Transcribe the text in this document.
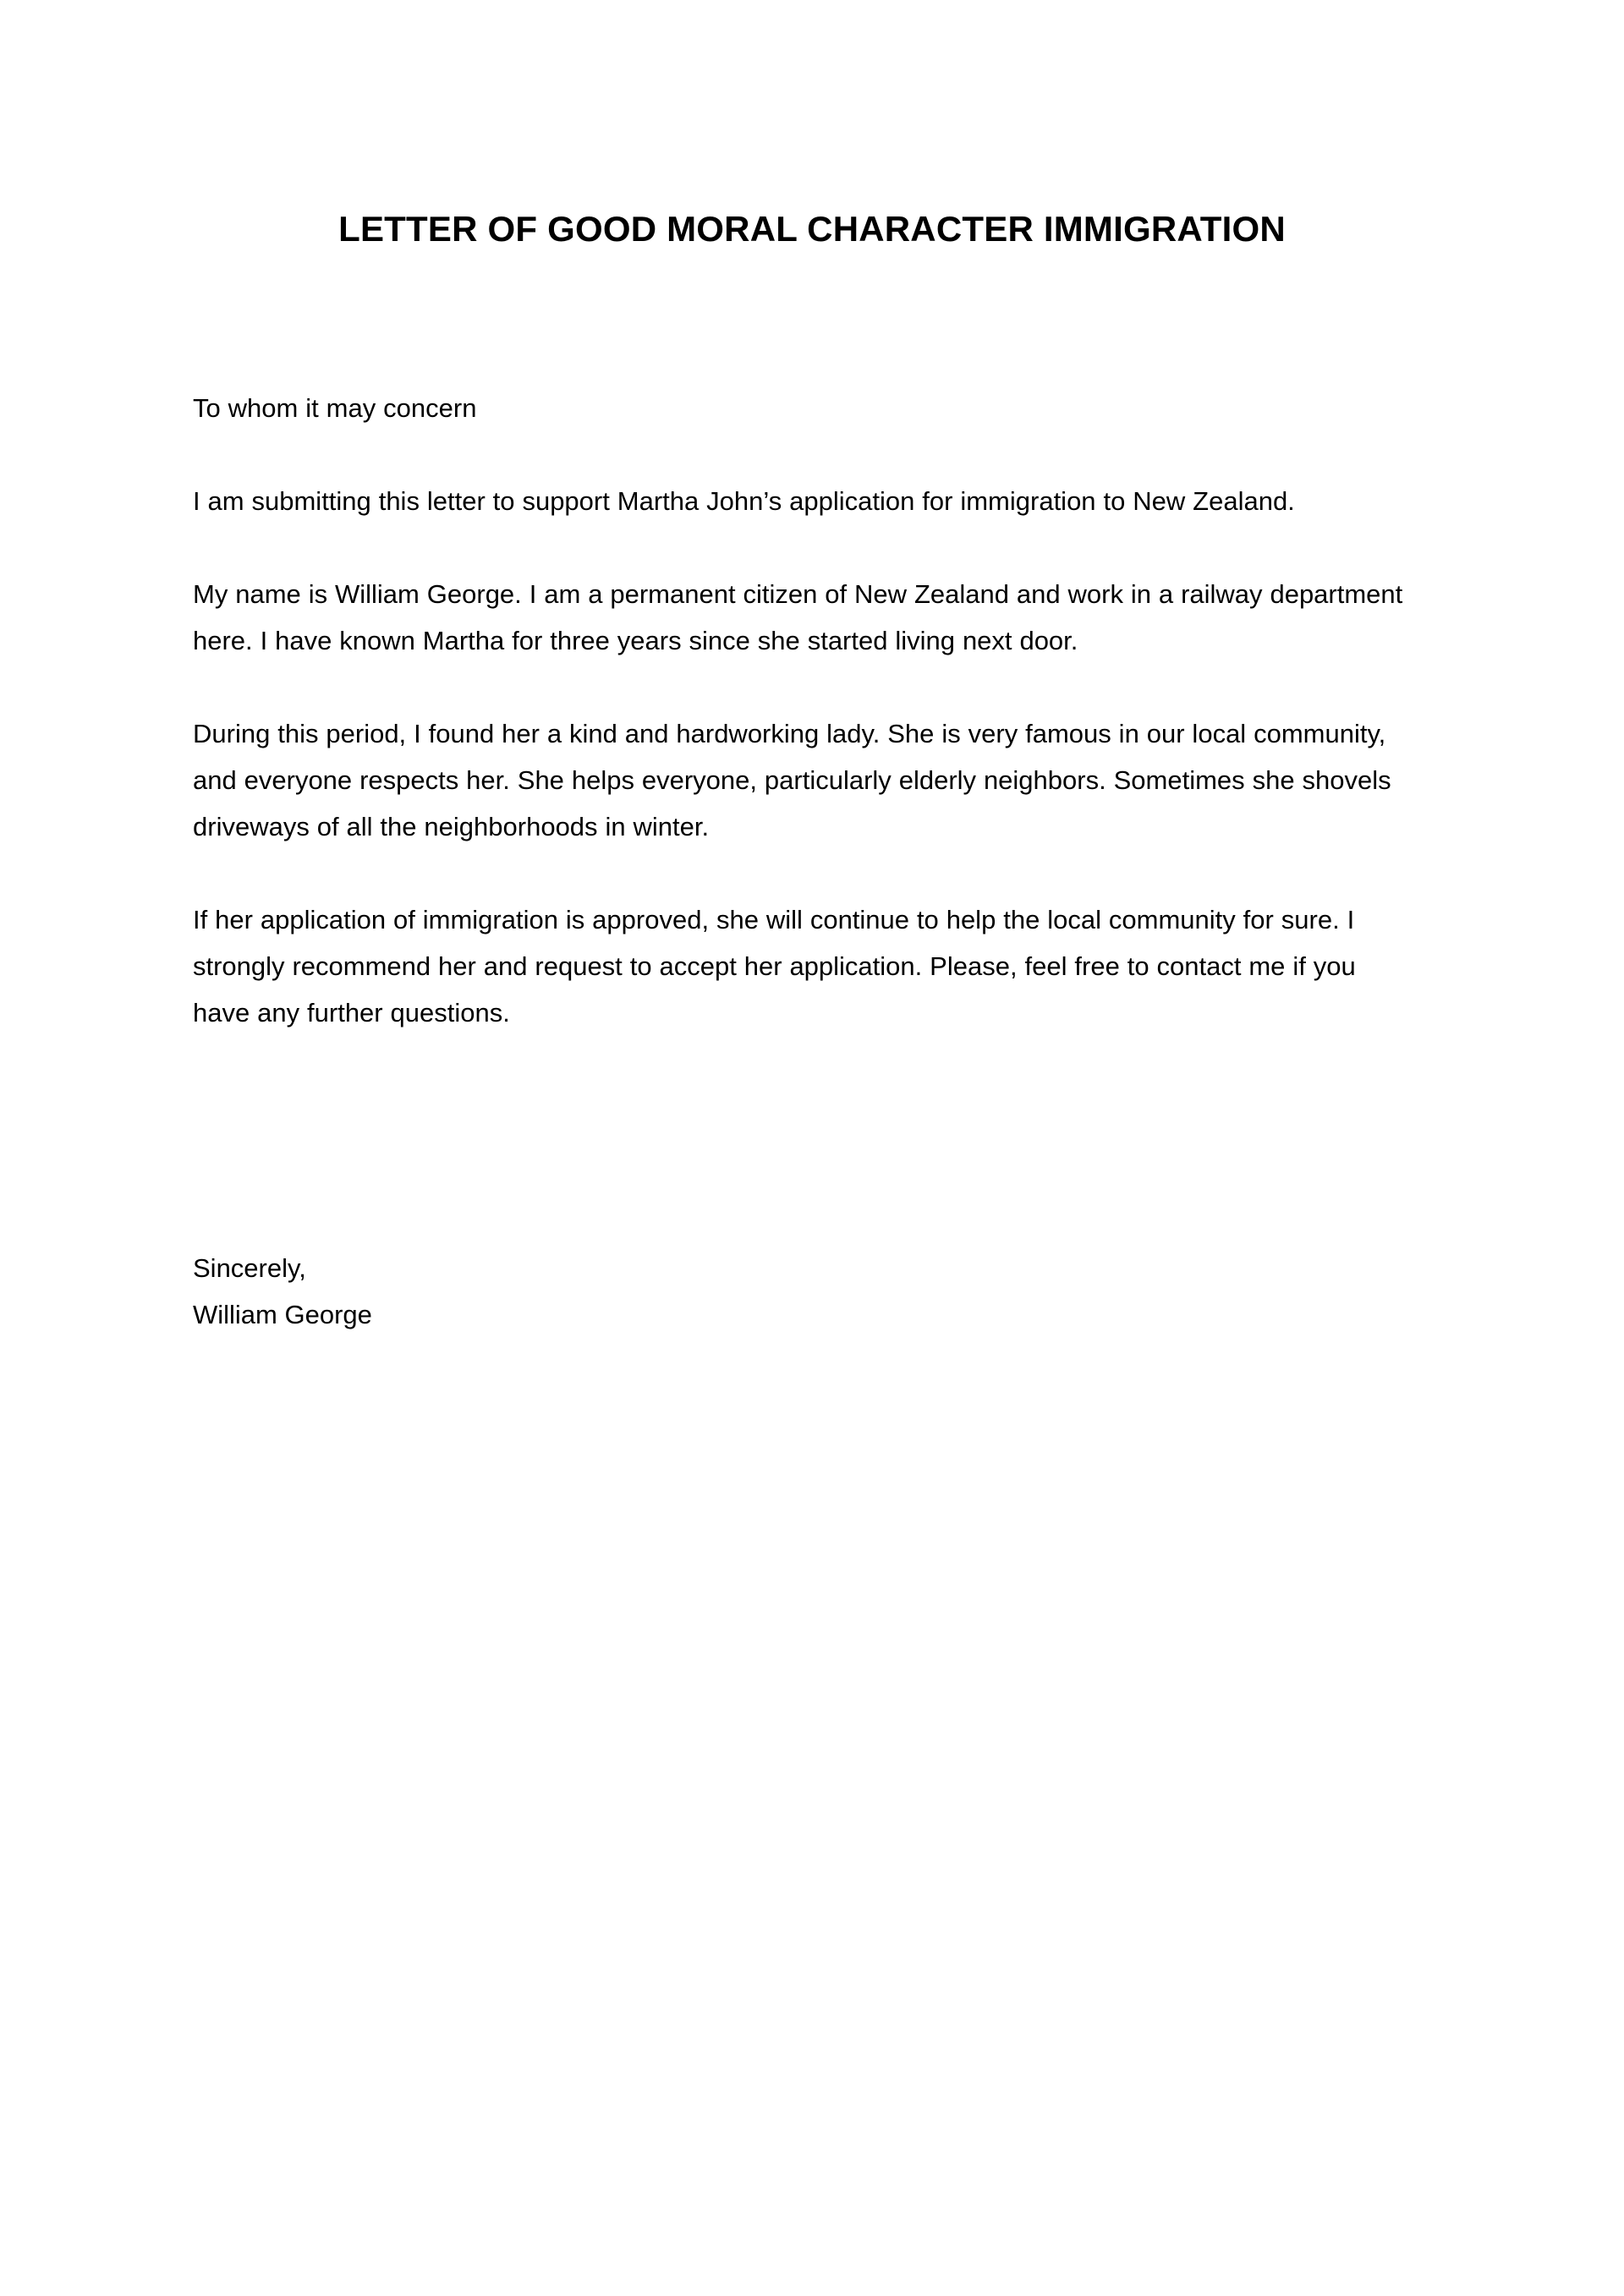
LETTER OF GOOD MORAL CHARACTER IMMIGRATION

To whom it may concern

I am submitting this letter to support Martha John’s application for immigration to New Zealand.

My name is William George. I am a permanent citizen of New Zealand and work in a railway department here. I have known Martha for three years since she started living next door.

During this period, I found her a kind and hardworking lady. She is very famous in our local community, and everyone respects her. She helps everyone, particularly elderly neighbors. Sometimes she shovels driveways of all the neighborhoods in winter.

If her application of immigration is approved, she will continue to help the local community for sure. I strongly recommend her and request to accept her application. Please, feel free to contact me if you have any further questions.

Sincerely,

William George
